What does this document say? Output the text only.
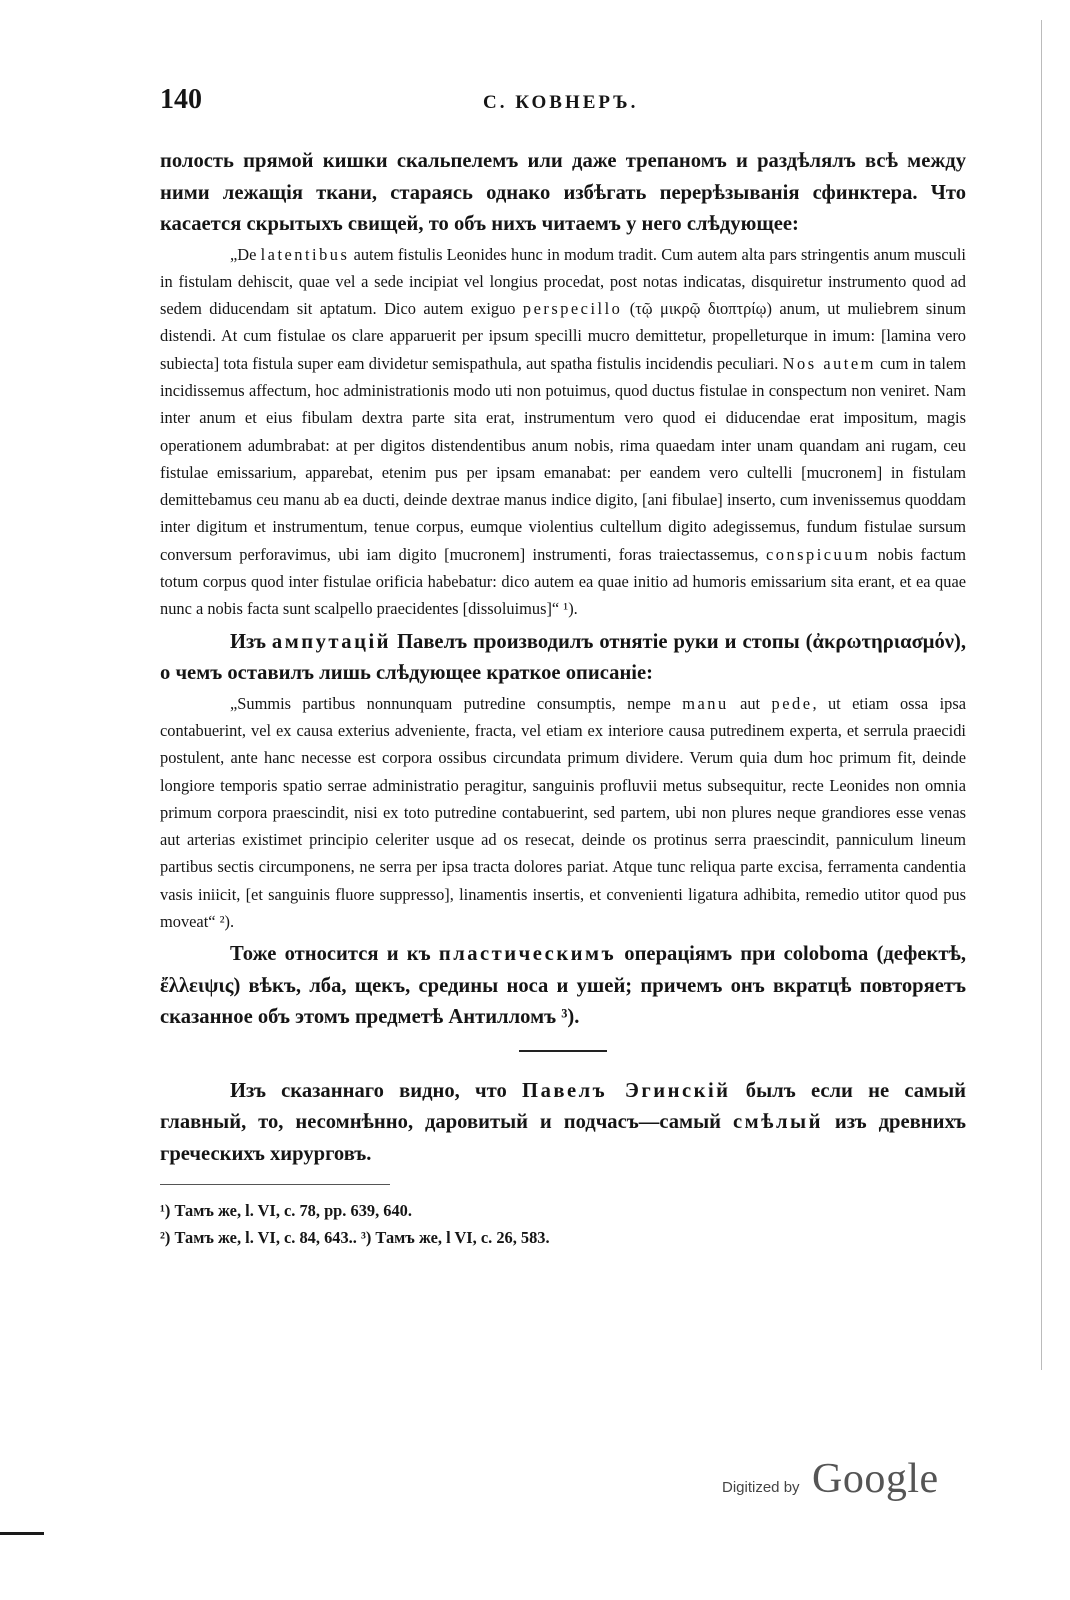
140	С. КОВНЕРЪ.

полость прямой кишки скальпелемъ или даже трепаномъ и раздѣлялъ всѣ между ними лежащія ткани, стараясь однако избѣгать перерѣзыванія сфинктера. Что касается скрытыхъ свищей, то объ нихъ читаемъ у него слѣдующее:

„De latentibus autem fistulis Leonides hunc in modum tradit. Cum autem alta pars stringentis anum musculi in fistulam dehiscit, quae vel a sede incipiat vel longius procedat, post notas indicatas, disquiretur instrumento quod ad sedem diducendam sit aptatum. Dico autem exiguo perspecillo (τῷ μικρῷ διοπτρίῳ) anum, ut muliebrem sinum distendi. At cum fistulae os clare apparuerit per ipsum specilli mucro demittetur, propelleturque in imum: [lamina vero subiecta] tota fistula super eam dividetur semispathula, aut spatha fistulis incidendis peculiari. Nos autem cum in talem incidissemus affectum, hoc administrationis modo uti non potuimus, quod ductus fistulae in conspectum non veniret. Nam inter anum et eius fibulam dextra parte sita erat, instrumentum vero quod ei diducendae erat impositum, magis operationem adumbrabat: at per digitos distendentibus anum nobis, rima quaedam inter unam quandam ani rugam, ceu fistulae emissarium, apparebat, etenim pus per ipsam emanabat: per eandem vero cultelli [mucronem] in fistulam demittebamus ceu manu ab ea ducti, deinde dextrae manus indice digito, [ani fibulae] inserto, cum invenissemus quoddam inter digitum et instrumentum, tenue corpus, eumque violentius cultellum digito adegissemus, fundum fistulae sursum conversum perforavimus, ubi iam digito [mucronem] instrumenti, foras traiectassemus, conspicuum nobis factum totum corpus quod inter fistulae orificia habebatur: dico autem ea quae initio ad humoris emissarium sita erant, et ea quae nunc a nobis facta sunt scalpello praecidentes [dissoluimus]“ ¹).

Изъ ампутацій Павелъ производилъ отнятіе руки и стопы (ἀκρωτηριασμόν), о чемъ оставилъ лишь слѣдующее краткое описаніе:

„Summis partibus nonnunquam putredine consumptis, nempe manu aut pede, ut etiam ossa ipsa contabuerint, vel ex causa exterius adveniente, fracta, vel etiam ex interiore causa putredinem experta, et serrula praecidi postulent, ante hanc necesse est corpora ossibus circundata primum dividere. Verum quia dum hoc primum fit, deinde longiore temporis spatio serrae administratio peragitur, sanguinis profluvii metus subsequitur, recte Leonides non omnia primum corpora praescindit, nisi ex toto putredine contabuerint, sed partem, ubi non plures neque grandiores esse venas aut arterias existimet principio celeriter usque ad os resecat, deinde os protinus serra praescindit, panniculum lineum partibus sectis circumponens, ne serra per ipsa tracta dolores pariat. Atque tunc reliqua parte excisa, ferramenta candentia vasis iniicit, [et sanguinis fluore suppresso], linamentis insertis, et convenienti ligatura adhibita, remedio utitor quod pus moveat“ ²).

Тоже относится и къ пластическимъ операціямъ при coloboma (дефектѣ, ἔλλειψις) вѣкъ, лба, щекъ, средины носа и ушей; причемъ онъ вкратцѣ повторяетъ сказанное объ этомъ предметѣ Антилломъ ³).

Изъ сказаннаго видно, что Павелъ Эгинскій былъ если не самый главный, то, несомнѣнно, даровитый и подчасъ—самый смѣлый изъ древнихъ греческихъ хирурговъ.

¹) Тамъ же, l. VI, c. 78, pp. 639, 640.

²) Тамъ же, l. VI, c. 84, 643.. ³) Тамъ же, l VI, c. 26, 583.

Digitized by Google
